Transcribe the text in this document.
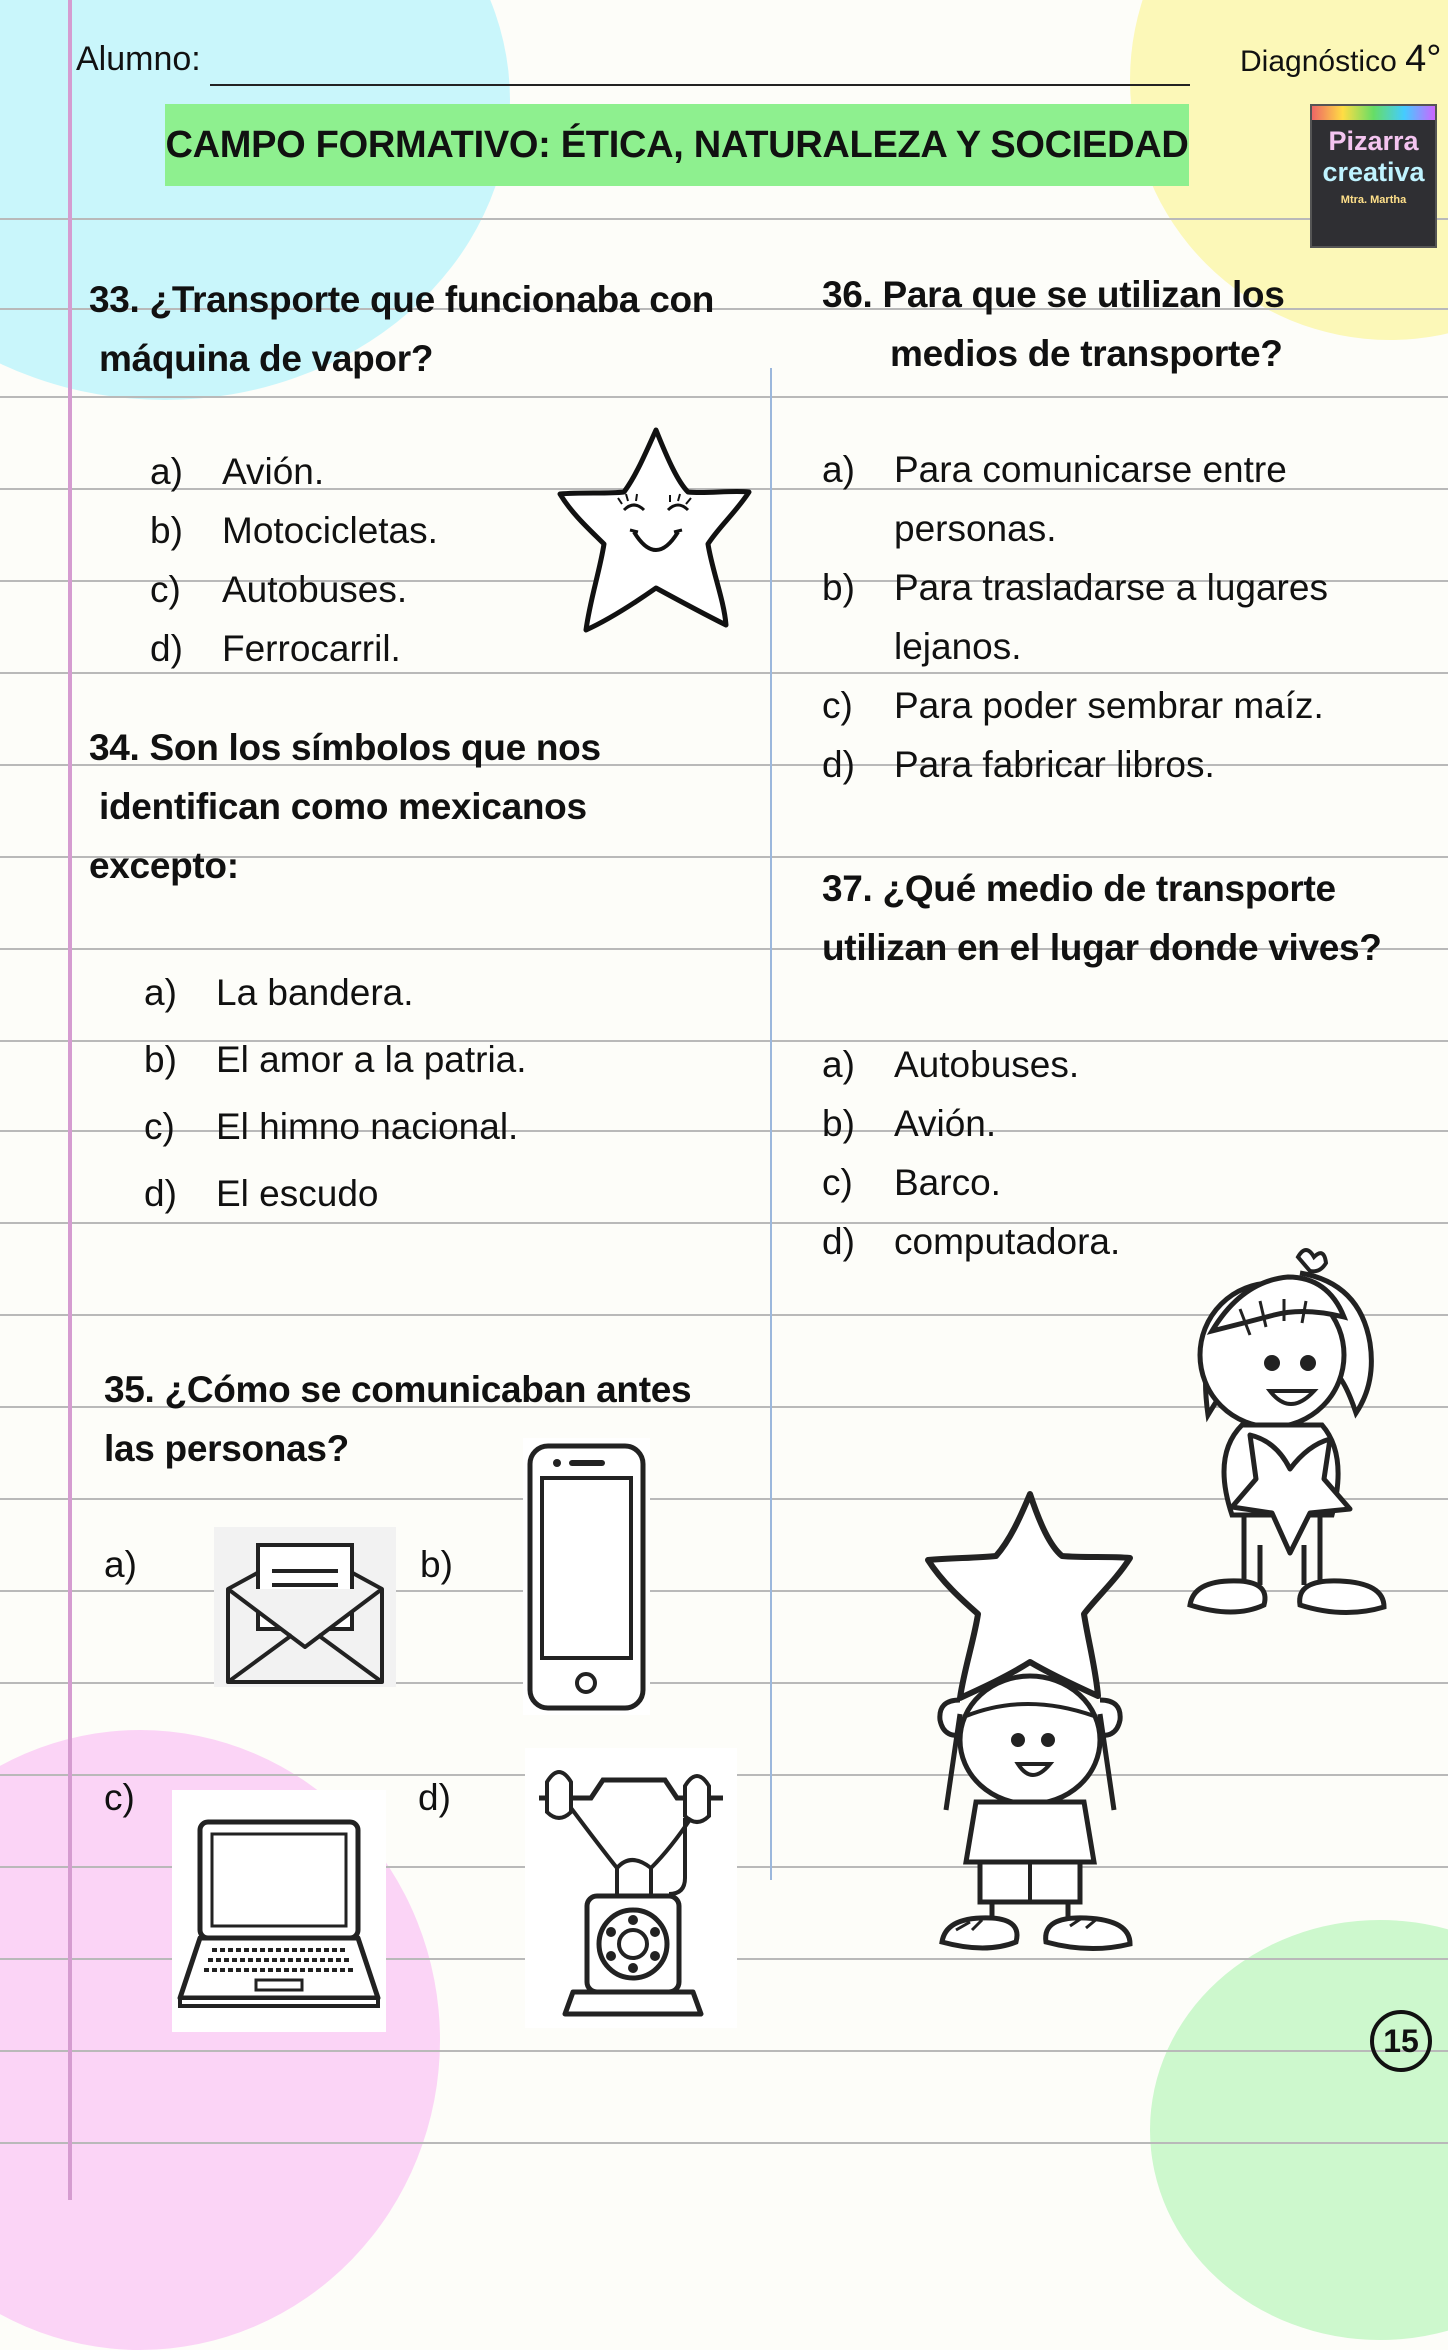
Alumno:	Diagnóstico 4°
CAMPO FORMATIVO: ÉTICA, NATURALEZA Y SOCIEDAD	Pizarra
creativa
Mtra. Martha
33. ¿Transporte que funcionaba con
máquina de vapor?
a) Avión.
b) Motocicletas.
c) Autobuses.
d) Ferrocarril.
34. Son los símbolos que nos
identifican como mexicanos
excepto:
a) La bandera.
b) El amor a la patria.
c) El himno nacional.
d) El escudo
35. ¿Cómo se comunicaban antes
las personas?
a)	b)
c)	d)
36. Para que se utilizan los
medios de transporte?
a) Para comunicarse entre
personas.
b) Para trasladarse a lugares
lejanos.
c) Para poder sembrar maíz.
d) Para fabricar libros.
37. ¿Qué medio de transporte
utilizan en el lugar donde vives?
a) Autobuses.
b) Avión.
c) Barco.
d) computadora.
15
